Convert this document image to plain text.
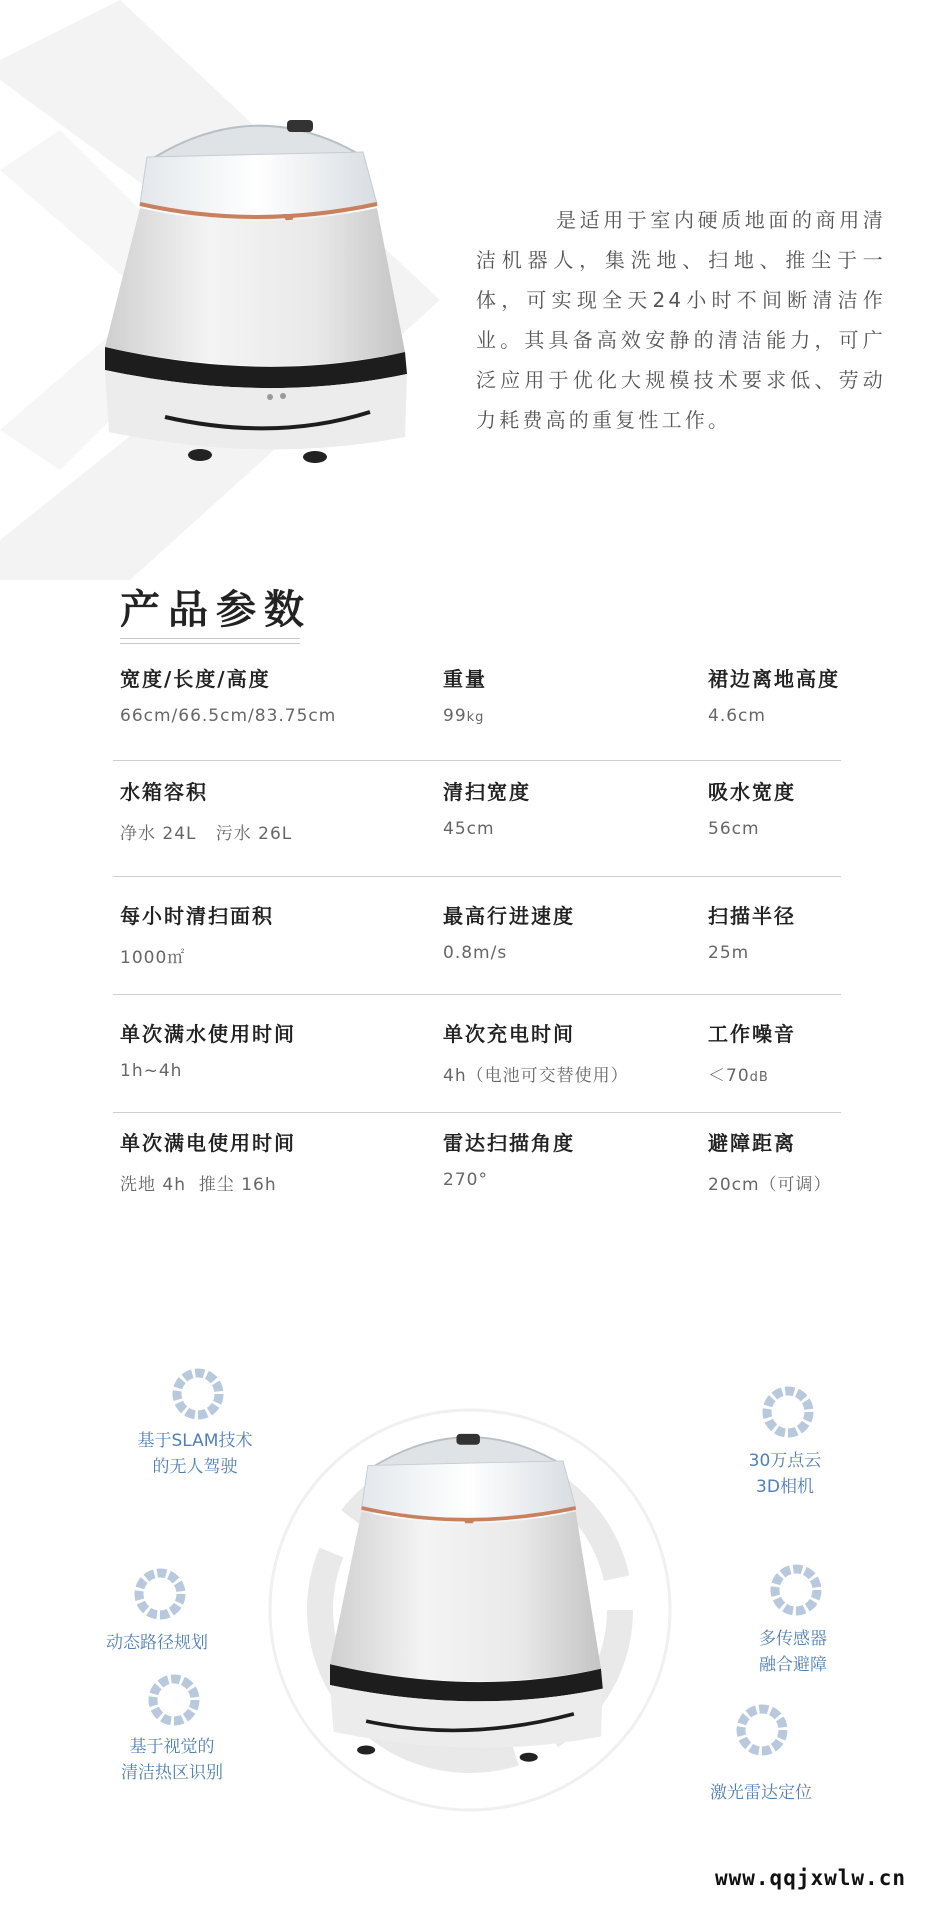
是适用于室内硬质地面的商用清洁机器人，集洗地、扫地、推尘于一体，可实现全天24小时不间断清洁作业。其具备高效安静的清洁能力，可广泛应用于优化大规模技术要求低、劳动力耗费高的重复性工作。

产品参数
宽度/长度/高度
66cm/66.5cm/83.75cm
重量
99kg
裙边离地高度
4.6cm
水箱容积
净水 24L   污水 26L
清扫宽度
45cm
吸水宽度
56cm
每小时清扫面积
1000㎡
最高行进速度
0.8m/s
扫描半径
25m
单次满水使用时间
1h~4h
单次充电时间
4h（电池可交替使用）
工作噪音
＜70dB
单次满电使用时间
洗地 4h  推尘 16h
雷达扫描角度
270°
避障距离
20cm（可调）
基于SLAM技术
的无人驾驶
动态路径规划
基于视觉的
清洁热区识别
30万点云
3D相机
多传感器
融合避障
激光雷达定位
www.qqjxwlw.cn
